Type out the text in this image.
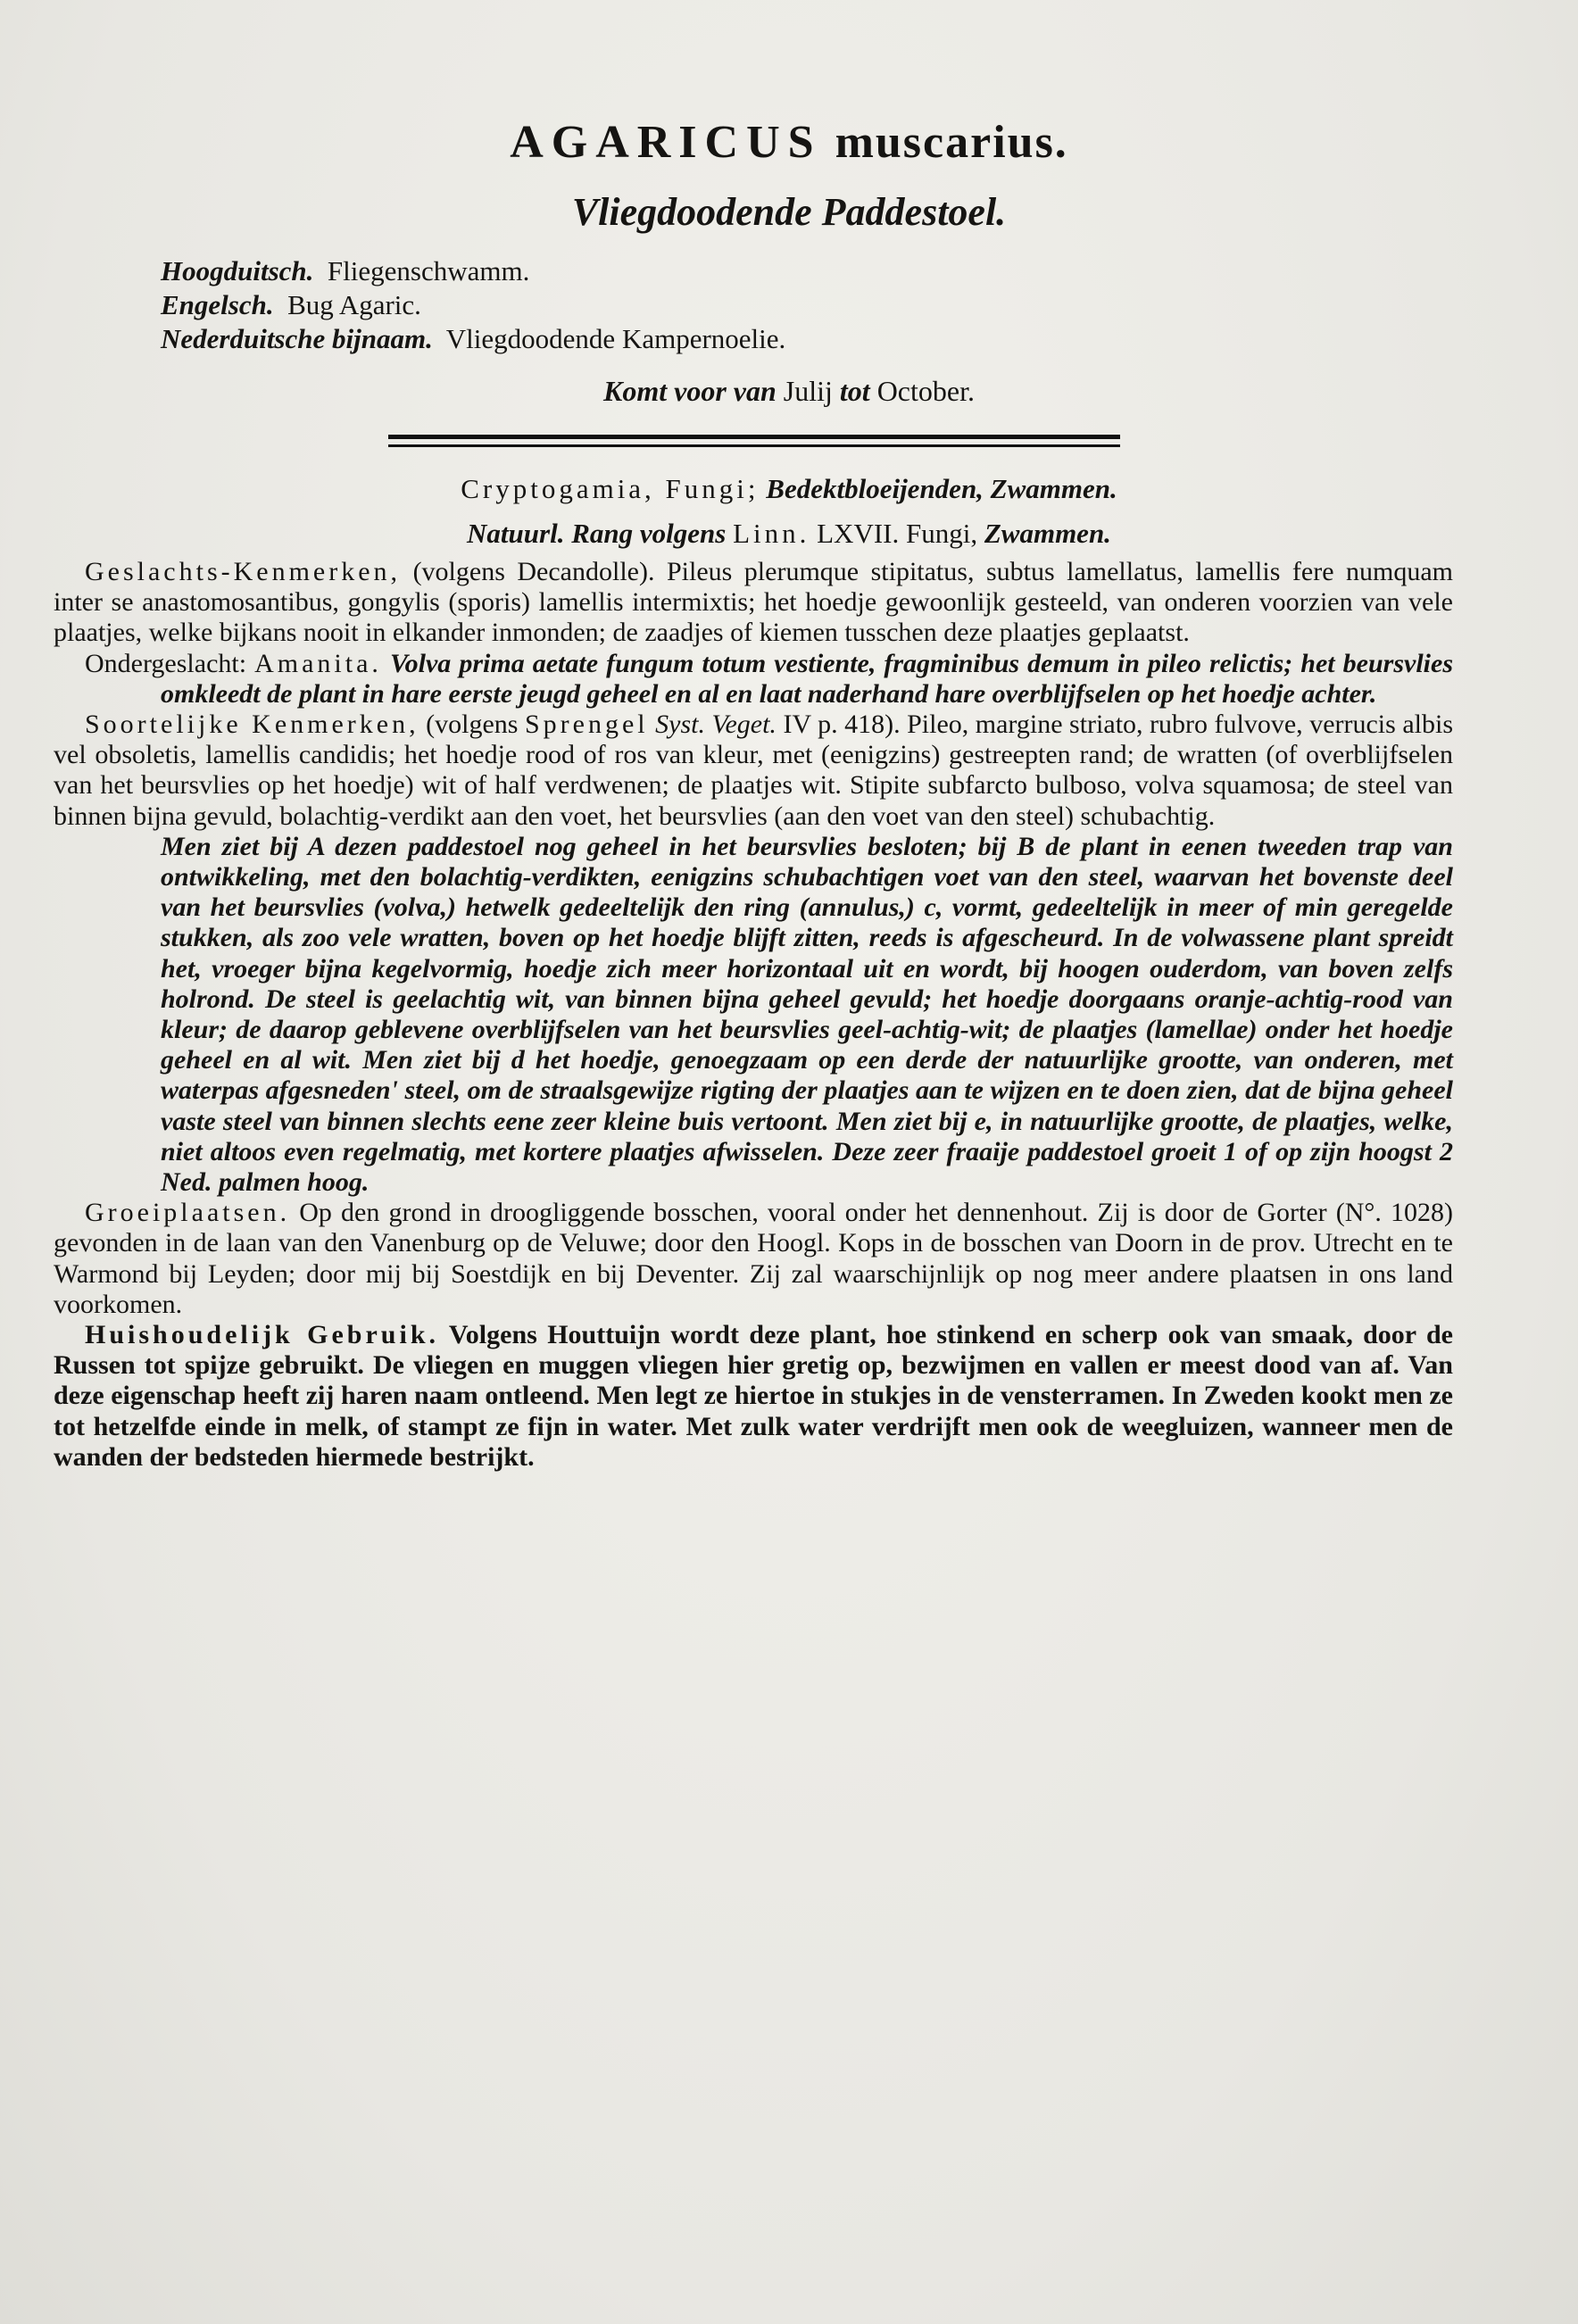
AGARICUS muscarius.
Vliegdoodende Paddestoel.
Hoogduitsch. Fliegenschwamm.
Engelsch. Bug Agaric.
Nederduitsche bijnaam. Vliegdoodende Kampernoelie.
Komt voor van Julij tot October.
Cryptogamia, Fungi; Bedektbloeijenden, Zwammen.
Natuurl. Rang volgens Linn. LXVII. Fungi, Zwammen.

Geslachts-Kenmerken, (volgens Decandolle). Pileus plerumque stipitatus, subtus lamellatus, lamellis fere numquam inter se anastomosantibus, gongylis (sporis) lamellis intermixtis; het hoedje gewoonlijk gesteeld, van onderen voorzien van vele plaatjes, welke bijkans nooit in elkander inmonden; de zaadjes of kiemen tusschen deze plaatjes geplaatst.

Ondergeslacht: Amanita. Volva prima aetate fungum totum vestiente, fragminibus demum in pileo relictis; het beursvlies omkleedt de plant in hare eerste jeugd geheel en al en laat naderhand hare overblijfselen op het hoedje achter.

Soortelijke Kenmerken, (volgens Sprengel Syst. Veget. IV p. 418). Pileo, margine striato, rubro fulvove, verrucis albis vel obsoletis, lamellis candidis; het hoedje rood of ros van kleur, met (eenigzins) gestreepten rand; de wratten (of overblijfselen van het beursvlies op het hoedje) wit of half verdwenen; de plaatjes wit. Stipite subfarcto bulboso, volva squamosa; de steel van binnen bijna gevuld, bolachtig-verdikt aan den voet, het beursvlies (aan den voet van den steel) schubachtig.

Men ziet bij A dezen paddestoel nog geheel in het beursvlies besloten; bij B de plant in eenen tweeden trap van ontwikkeling, met den bolachtig-verdikten, eenigzins schubachtigen voet van den steel, waarvan het bovenste deel van het beursvlies (volva,) hetwelk gedeeltelijk den ring (annulus,) c, vormt, gedeeltelijk in meer of min geregelde stukken, als zoo vele wratten, boven op het hoedje blijft zitten, reeds is afgescheurd. In de volwassene plant spreidt het, vroeger bijna kegelvormig, hoedje zich meer horizontaal uit en wordt, bij hoogen ouderdom, van boven zelfs holrond. De steel is geelachtig wit, van binnen bijna geheel gevuld; het hoedje doorgaans oranje-achtig-rood van kleur; de daarop geblevene overblijfselen van het beursvlies geel-achtig-wit; de plaatjes (lamellae) onder het hoedje geheel en al wit. Men ziet bij d het hoedje, genoegzaam op een derde der natuurlijke grootte, van onderen, met waterpas afgesneden' steel, om de straalsgewijze rigting der plaatjes aan te wijzen en te doen zien, dat de bijna geheel vaste steel van binnen slechts eene zeer kleine buis vertoont. Men ziet bij e, in natuurlijke grootte, de plaatjes, welke, niet altoos even regelmatig, met kortere plaatjes afwisselen. Deze zeer fraaije paddestoel groeit 1 of op zijn hoogst 2 Ned. palmen hoog.

Groeiplaatsen. Op den grond in droogliggende bosschen, vooral onder het dennenhout. Zij is door de Gorter (N°. 1028) gevonden in de laan van den Vanenburg op de Veluwe; door den Hoogl. Kops in de bosschen van Doorn in de prov. Utrecht en te Warmond bij Leyden; door mij bij Soestdijk en bij Deventer. Zij zal waarschijnlijk op nog meer andere plaatsen in ons land voorkomen.

Huishoudelijk Gebruik. Volgens Houttuijn wordt deze plant, hoe stinkend en scherp ook van smaak, door de Russen tot spijze gebruikt. De vliegen en muggen vliegen hier gretig op, bezwijmen en vallen er meest dood van af. Van deze eigenschap heeft zij haren naam ontleend. Men legt ze hiertoe in stukjes in de vensterramen. In Zweden kookt men ze tot hetzelfde einde in melk, of stampt ze fijn in water. Met zulk water verdrijft men ook de weegluizen, wanneer men de wanden der bedsteden hiermede bestrijkt.
